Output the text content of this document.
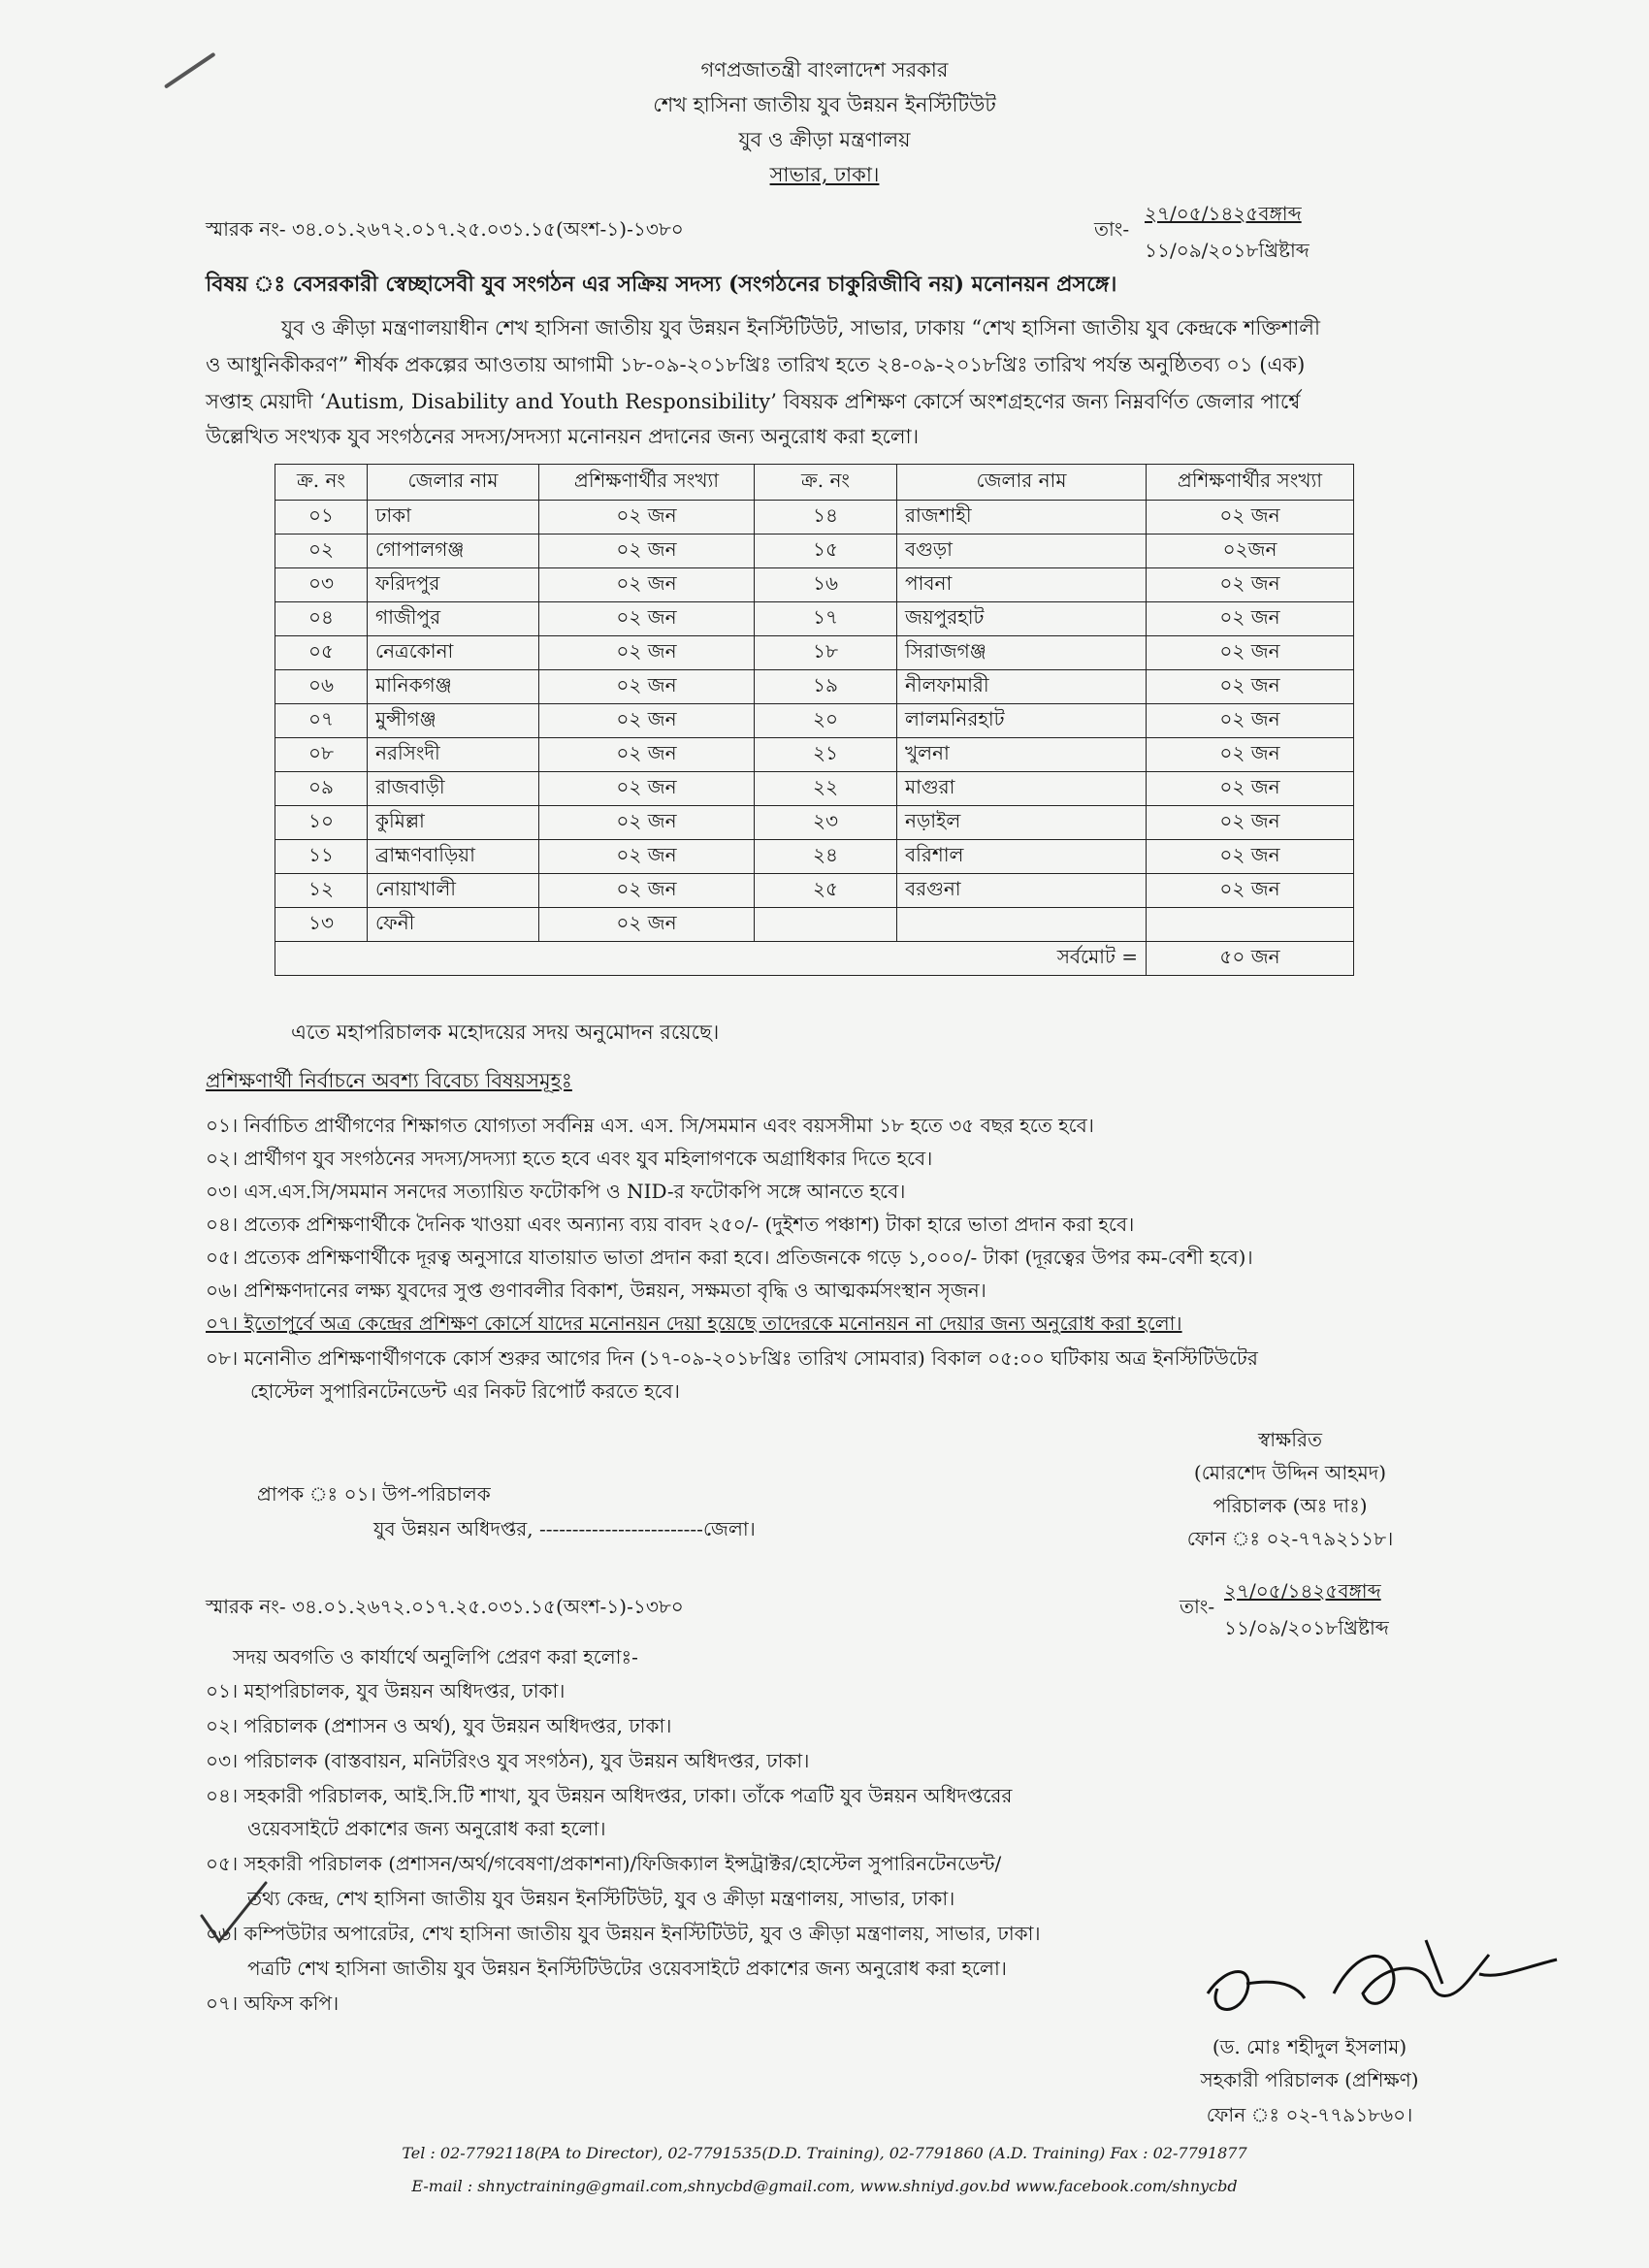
গণপ্রজাতন্ত্রী বাংলাদেশ সরকার
শেখ হাসিনা জাতীয় যুব উন্নয়ন ইনস্টিটিউট
যুব ও ক্রীড়া মন্ত্রণালয়
সাভার, ঢাকা।
স্মারক নং- ৩৪.০১.২৬৭২.০১৭.২৫.০৩১.১৫(অংশ-১)-১৩৮০	তাং-
২৭/০৫/১৪২৫বঙ্গাব্দ
১১/০৯/২০১৮খ্রিষ্টাব্দ
বিষয় ঃ বেসরকারী স্বেচ্ছাসেবী যুব সংগঠন এর সক্রিয় সদস্য (সংগঠনের চাকুরিজীবি নয়) মনোনয়ন প্রসঙ্গে।
যুব ও ক্রীড়া মন্ত্রণালয়াধীন শেখ হাসিনা জাতীয় যুব উন্নয়ন ইনস্টিটিউট, সাভার, ঢাকায় “শেখ হাসিনা জাতীয় যুব কেন্দ্রকে শক্তিশালী
ও আধুনিকীকরণ” শীর্ষক প্রকল্পের আওতায় আগামী ১৮-০৯-২০১৮খ্রিঃ তারিখ হতে ২৪-০৯-২০১৮খ্রিঃ তারিখ পর্যন্ত অনুষ্ঠিতব্য ০১ (এক)
সপ্তাহ মেয়াদী ‘Autism, Disability and Youth Responsibility’ বিষয়ক প্রশিক্ষণ কোর্সে অংশগ্রহণের জন্য নিম্নবর্ণিত জেলার পার্শ্বে
উল্লেখিত সংখ্যক যুব সংগঠনের সদস্য/সদস্যা মনোনয়ন প্রদানের জন্য অনুরোধ করা হলো।
ক্র. নং	জেলার নাম	প্রশিক্ষণার্থীর সংখ্যা	ক্র. নং	জেলার নাম	প্রশিক্ষণার্থীর সংখ্যা
০১	ঢাকা	০২ জন	১৪	রাজশাহী	০২ জন
০২	গোপালগঞ্জ	০২ জন	১৫	বগুড়া	০২জন
০৩	ফরিদপুর	০২ জন	১৬	পাবনা	০২ জন
০৪	গাজীপুর	০২ জন	১৭	জয়পুরহাট	০২ জন
০৫	নেত্রকোনা	০২ জন	১৮	সিরাজগঞ্জ	০২ জন
০৬	মানিকগঞ্জ	০২ জন	১৯	নীলফামারী	০২ জন
০৭	মুন্সীগঞ্জ	০২ জন	২০	লালমনিরহাট	০২ জন
০৮	নরসিংদী	০২ জন	২১	খুলনা	০২ জন
০৯	রাজবাড়ী	০২ জন	২২	মাগুরা	০২ জন
১০	কুমিল্লা	০২ জন	২৩	নড়াইল	০২ জন
১১	ব্রাহ্মণবাড়িয়া	০২ জন	২৪	বরিশাল	০২ জন
১২	নোয়াখালী	০২ জন	২৫	বরগুনা	০২ জন
১৩	ফেনী	০২ জন			
সর্বমোট =					৫০ জন
এতে মহাপরিচালক মহোদয়ের সদয় অনুমোদন রয়েছে।
প্রশিক্ষণার্থী নির্বাচনে অবশ্য বিবেচ্য বিষয়সমূহঃ
০১। নির্বাচিত প্রার্থীগণের শিক্ষাগত যোগ্যতা সর্বনিম্ন এস. এস. সি/সমমান এবং বয়সসীমা ১৮ হতে ৩৫ বছর হতে হবে।
০২। প্রার্থীগণ যুব সংগঠনের সদস্য/সদস্যা হতে হবে এবং যুব মহিলাগণকে অগ্রাধিকার দিতে হবে।
০৩। এস.এস.সি/সমমান সনদের সত্যায়িত ফটোকপি ও NID-র ফটোকপি সঙ্গে আনতে হবে।
০৪। প্রত্যেক প্রশিক্ষণার্থীকে দৈনিক খাওয়া এবং অন্যান্য ব্যয় বাবদ ২৫০/- (দুইশত পঞ্চাশ) টাকা হারে ভাতা প্রদান করা হবে।
০৫। প্রত্যেক প্রশিক্ষণার্থীকে দূরত্ব অনুসারে যাতায়াত ভাতা প্রদান করা হবে। প্রতিজনকে গড়ে ১,০০০/- টাকা (দূরত্বের উপর কম-বেশী হবে)।
০৬। প্রশিক্ষণদানের লক্ষ্য যুবদের সুপ্ত গুণাবলীর বিকাশ, উন্নয়ন, সক্ষমতা বৃদ্ধি ও আত্মকর্মসংস্থান সৃজন।
০৭। ইতোপূর্বে অত্র কেন্দ্রের প্রশিক্ষণ কোর্সে যাদের মনোনয়ন দেয়া হয়েছে তাদেরকে মনোনয়ন না দেয়ার জন্য অনুরোধ করা হলো।
০৮। মনোনীত প্রশিক্ষণার্থীগণকে কোর্স শুরুর আগের দিন (১৭-০৯-২০১৮খ্রিঃ তারিখ সোমবার) বিকাল ০৫:০০ ঘটিকায় অত্র ইনস্টিটিউটের
হোস্টেল সুপারিনটেনডেন্ট এর নিকট রিপোর্ট করতে হবে।
স্বাক্ষরিত
(মোরশেদ উদ্দিন আহমদ)
পরিচালক (অঃ দাঃ)
ফোন ঃ ০২-৭৭৯২১১৮।
প্রাপক ঃ ০১। উপ-পরিচালক
যুব উন্নয়ন অধিদপ্তর, -------------------------জেলা।
স্মারক নং- ৩৪.০১.২৬৭২.০১৭.২৫.০৩১.১৫(অংশ-১)-১৩৮০	তাং-
২৭/০৫/১৪২৫বঙ্গাব্দ
১১/০৯/২০১৮খ্রিষ্টাব্দ
সদয় অবগতি ও কার্যার্থে অনুলিপি প্রেরণ করা হলোঃ-
০১। মহাপরিচালক, যুব উন্নয়ন অধিদপ্তর, ঢাকা।
০২। পরিচালক (প্রশাসন ও অর্থ), যুব উন্নয়ন অধিদপ্তর, ঢাকা।
০৩। পরিচালক (বাস্তবায়ন, মনিটরিংও যুব সংগঠন), যুব উন্নয়ন অধিদপ্তর, ঢাকা।
০৪। সহকারী পরিচালক, আই.সি.টি শাখা, যুব উন্নয়ন অধিদপ্তর, ঢাকা। তাঁকে পত্রটি যুব উন্নয়ন অধিদপ্তরের
ওয়েবসাইটে প্রকাশের জন্য অনুরোধ করা হলো।
০৫। সহকারী পরিচালক (প্রশাসন/অর্থ/গবেষণা/প্রকাশনা)/ফিজিক্যাল ইন্সট্রাক্টর/হোস্টেল সুপারিনটেনডেন্ট/
তথ্য কেন্দ্র, শেখ হাসিনা জাতীয় যুব উন্নয়ন ইনস্টিটিউট, যুব ও ক্রীড়া মন্ত্রণালয়, সাভার, ঢাকা।
০৬। কম্পিউটার অপারেটর, শেখ হাসিনা জাতীয় যুব উন্নয়ন ইনস্টিটিউট, যুব ও ক্রীড়া মন্ত্রণালয়, সাভার, ঢাকা।
পত্রটি শেখ হাসিনা জাতীয় যুব উন্নয়ন ইনস্টিটিউটের ওয়েবসাইটে প্রকাশের জন্য অনুরোধ করা হলো।
০৭। অফিস কপি।
(ড. মোঃ শহীদুল ইসলাম)
সহকারী পরিচালক (প্রশিক্ষণ)
ফোন ঃ ০২-৭৭৯১৮৬০।
Tel : 02-7792118(PA to Director), 02-7791535(D.D. Training), 02-7791860 (A.D. Training) Fax : 02-7791877
E-mail : shnyctraining@gmail.com,shnycbd@gmail.com, www.shniyd.gov.bd www.facebook.com/shnycbd
